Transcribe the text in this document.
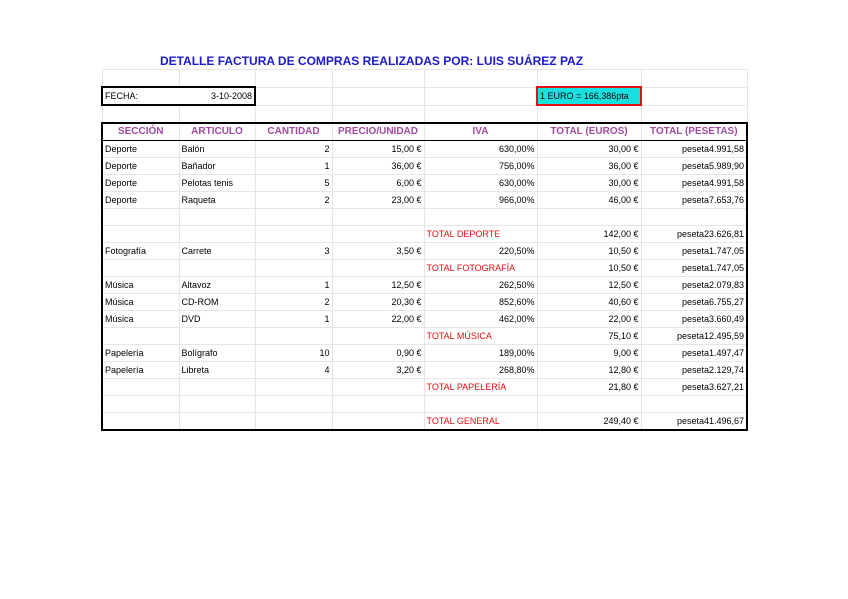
DETALLE FACTURA DE COMPRAS REALIZADAS POR: LUIS SUÁREZ PAZ						

FECHA:	3-10-2008				1 EURO = 166,386pta	

SECCIÓN	ARTICULO	CANTIDAD	PRECIO/UNIDAD	IVA	TOTAL (EUROS)	TOTAL (PESETAS)
Deporte	Balón	2	15,00 €	630,00%	30,00 €	peseta4.991,58
Deporte	Bañador	1	36,00 €	756,00%	36,00 €	peseta5.989,90
Deporte	Pelotas tenis	5	6,00 €	630,00%	30,00 €	peseta4.991,58
Deporte	Raqueta	2	23,00 €	966,00%	46,00 €	peseta7.653,76

				TOTAL DEPORTE	142,00 €	peseta23.626,81
Fotografía	Carrete	3	3,50 €	220,50%	10,50 €	peseta1.747,05
				TOTAL FOTOGRAFÍA	10,50 €	peseta1.747,05
Música	Altavoz	1	12,50 €	262,50%	12,50 €	peseta2.079,83
Música	CD-ROM	2	20,30 €	852,60%	40,60 €	peseta6.755,27
Música	DVD	1	22,00 €	462,00%	22,00 €	peseta3.660,49
				TOTAL MÚSICA	75,10 €	peseta12.495,59
Papelería	Bolígrafo	10	0,90 €	189,00%	9,00 €	peseta1.497,47
Papelería	Libreta	4	3,20 €	268,80%	12,80 €	peseta2.129,74
				TOTAL PAPELERÍA	21,80 €	peseta3.627,21

				TOTAL GENERAL	249,40 €	peseta41.496,67
